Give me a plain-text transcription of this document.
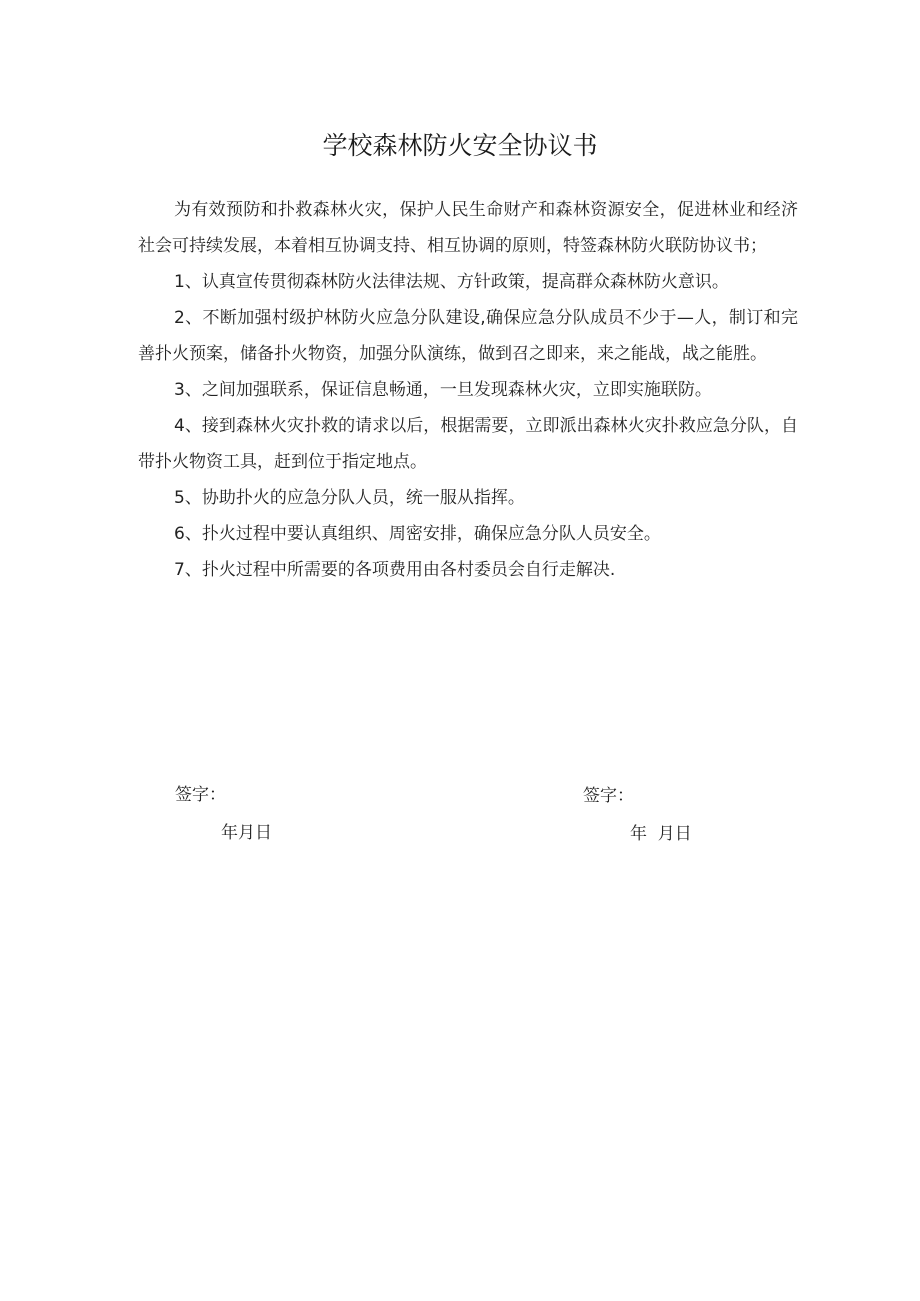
学校森林防火安全协议书

为有效预防和扑救森林火灾，保护人民生命财产和森林资源安全，促进林业和经济社会可持续发展，本着相互协调支持、相互协调的原则，特签森林防火联防协议书；

1、认真宣传贯彻森林防火法律法规、方针政策，提高群众森林防火意识。

2、不断加强村级护林防火应急分队建设,确保应急分队成员不少于—人，制订和完善扑火预案，储备扑火物资，加强分队演练，做到召之即来，来之能战，战之能胜。

3、之间加强联系，保证信息畅通，一旦发现森林火灾，立即实施联防。

4、接到森林火灾扑救的请求以后，根据需要，立即派出森林火灾扑救应急分队，自带扑火物资工具，赶到位于指定地点。

5、协助扑火的应急分队人员，统一服从指挥。

6、扑火过程中要认真组织、周密安排，确保应急分队人员安全。

7、扑火过程中所需要的各项费用由各村委员会自行走解决.

签字：
年月日
签字：
年  月日
